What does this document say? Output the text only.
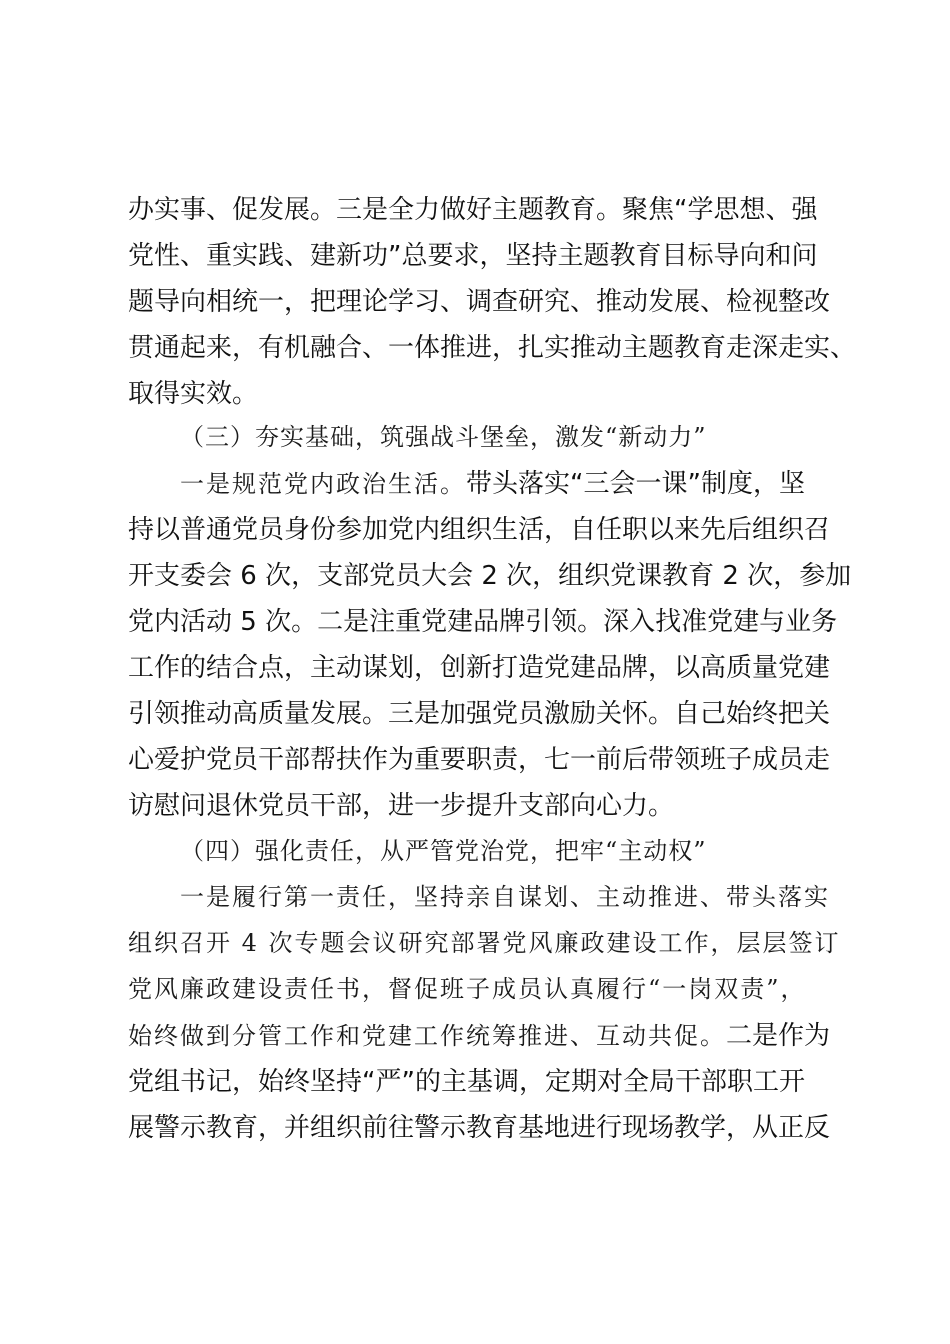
办实事、促发展。三是全力做好主题教育。聚焦“学思想、强
党性、重实践、建新功”总要求，坚持主题教育目标导向和问
题导向相统一，把理论学习、调查研究、推动发展、检视整改
贯通起来，有机融合、一体推进，扎实推动主题教育走深走实、
取得实效。
（三）夯实基础，筑强战斗堡垒，激发“新动力”
一是规范党内政治生活。带头落实“三会一课”制度，坚
持以普通党员身份参加党内组织生活，自任职以来先后组织召
开支委会 6 次，支部党员大会 2 次，组织党课教育 2 次，参加
党内活动 5 次。二是注重党建品牌引领。深入找准党建与业务
工作的结合点，主动谋划，创新打造党建品牌，以高质量党建
引领推动高质量发展。三是加强党员激励关怀。自己始终把关
心爱护党员干部帮扶作为重要职责，七一前后带领班子成员走
访慰问退休党员干部，进一步提升支部向心力。
（四）强化责任，从严管党治党，把牢“主动权”
一是履行第一责任，坚持亲自谋划、主动推进、带头落实
组织召开 4 次专题会议研究部署党风廉政建设工作，层层签订
党风廉政建设责任书，督促班子成员认真履行“一岗双责”，
始终做到分管工作和党建工作统筹推进、互动共促。二是作为
党组书记，始终坚持“严”的主基调，定期对全局干部职工开
展警示教育，并组织前往警示教育基地进行现场教学，从正反
